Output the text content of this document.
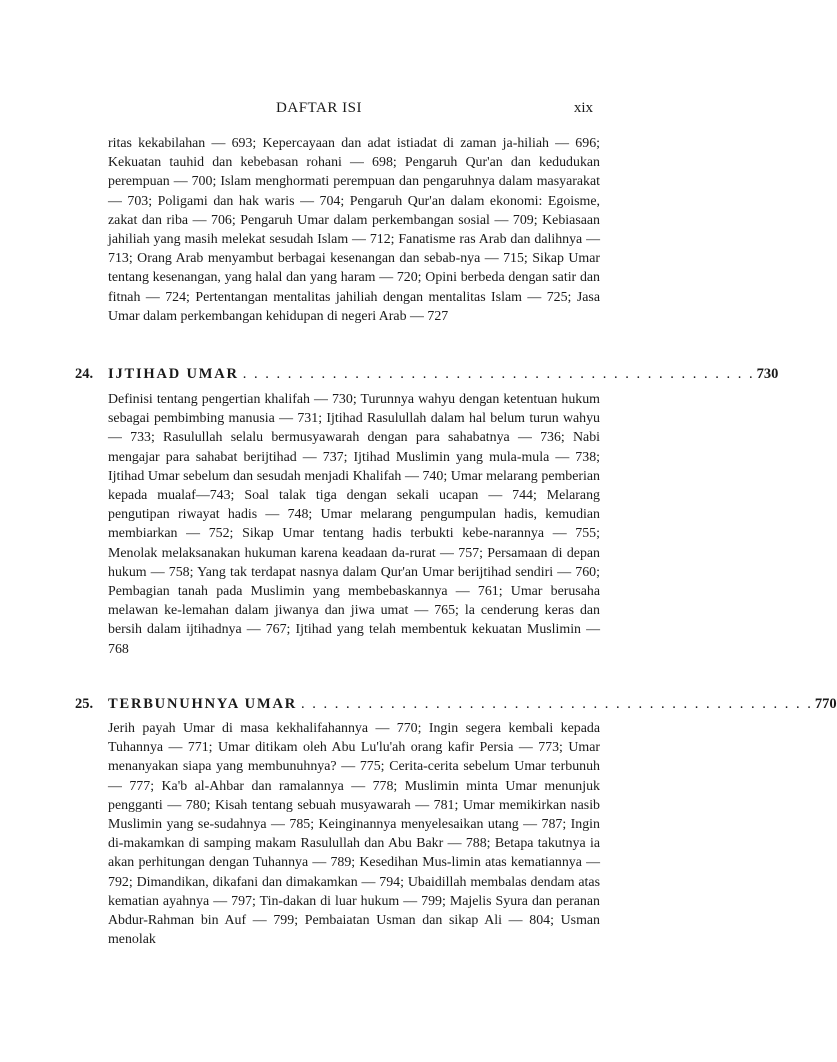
DAFTAR ISI	xix

ritas kekabilahan — 693; Kepercayaan dan adat istiadat di zaman ja-hiliah — 696; Kekuatan tauhid dan kebebasan rohani — 698; Pengaruh Qur'an dan kedudukan perempuan — 700; Islam menghormati perempuan dan pengaruhnya dalam masyarakat — 703; Poligami dan hak waris — 704; Pengaruh Qur'an dalam ekonomi: Egoisme, zakat dan riba — 706; Pengaruh Umar dalam perkembangan sosial — 709; Kebiasaan jahiliah yang masih melekat sesudah Islam — 712; Fanatisme ras Arab dan dalihnya — 713; Orang Arab menyambut berbagai kesenangan dan sebab-nya — 715; Sikap Umar tentang kesenangan, yang halal dan yang haram — 720; Opini berbeda dengan satir dan fitnah — 724; Pertentangan mentalitas jahiliah dengan mentalitas Islam — 725; Jasa Umar dalam perkembangan kehidupan di negeri Arab — 727

24.	IJTIHAD UMAR . . . . . . . . . . . . . . . . . . . . . . . . . . . . . . . . . . . . . . . . . . . . . . 730

Definisi tentang pengertian khalifah — 730; Turunnya wahyu dengan ketentuan hukum sebagai pembimbing manusia — 731; Ijtihad Rasulullah dalam hal belum turun wahyu — 733; Rasulullah selalu bermusyawarah dengan para sahabatnya — 736; Nabi mengajar para sahabat berijtihad — 737; Ijtihad Muslimin yang mula-mula — 738; Ijtihad Umar sebelum dan sesudah menjadi Khalifah — 740; Umar melarang pemberian kepada mualaf—743; Soal talak tiga dengan sekali ucapan — 744; Melarang pengutipan riwayat hadis — 748; Umar melarang pengumpulan hadis, kemudian membiarkan — 752; Sikap Umar tentang hadis terbukti kebe-narannya — 755; Menolak melaksanakan hukuman karena keadaan da-rurat — 757; Persamaan di depan hukum — 758; Yang tak terdapat nasnya dalam Qur'an Umar berijtihad sendiri — 760; Pembagian tanah pada Muslimin yang membebaskannya — 761; Umar berusaha melawan ke-lemahan dalam jiwanya dan jiwa umat — 765; la cenderung keras dan bersih dalam ijtihadnya — 767; Ijtihad yang telah membentuk kekuatan Muslimin —768

25.	TERBUNUHNYA UMAR . . . . . . . . . . . . . . . . . . . . . . . . . . . . . . . . . . . . . . . . . . . . . . 770

Jerih payah Umar di masa kekhalifahannya — 770; Ingin segera kembali kepada Tuhannya — 771; Umar ditikam oleh Abu Lu'lu'ah orang kafir Persia — 773; Umar menanyakan siapa yang membunuhnya? — 775; Cerita-cerita sebelum Umar terbunuh — 777; Ka'b al-Ahbar dan ramalannya — 778; Muslimin minta Umar menunjuk pengganti — 780; Kisah tentang sebuah musyawarah — 781; Umar memikirkan nasib Muslimin yang se-sudahnya — 785; Keinginannya menyelesaikan utang — 787; Ingin di-makamkan di samping makam Rasulullah dan Abu Bakr — 788; Betapa takutnya ia akan perhitungan dengan Tuhannya — 789; Kesedihan Mus-limin atas kematiannya — 792; Dimandikan, dikafani dan dimakamkan — 794; Ubaidillah membalas dendam atas kematian ayahnya — 797; Tin-dakan di luar hukum — 799; Majelis Syura dan peranan Abdur-Rahman bin Auf — 799; Pembaiatan Usman dan sikap Ali — 804; Usman menolak
